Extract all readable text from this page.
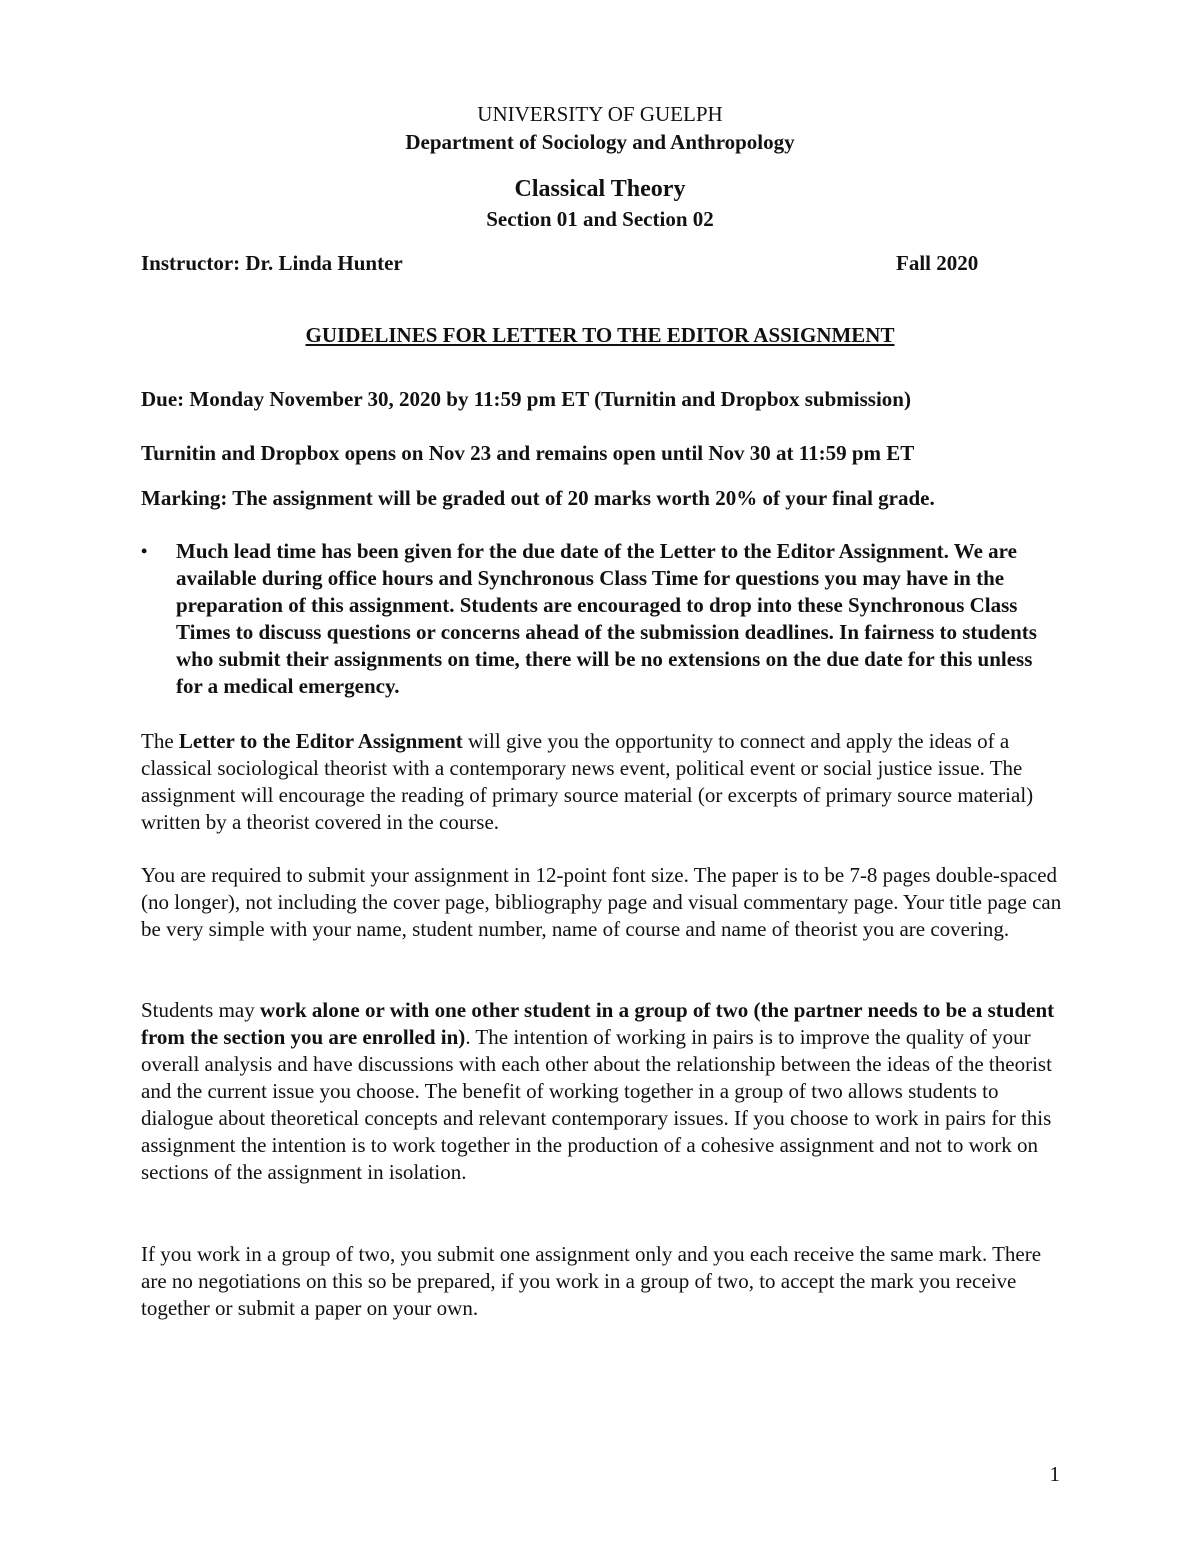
UNIVERSITY OF GUELPH
Department of Sociology and Anthropology
Classical Theory
Section 01 and Section 02
Instructor: Dr. Linda Hunter	Fall 2020
GUIDELINES FOR LETTER TO THE EDITOR ASSIGNMENT
Due: Monday November 30, 2020 by 11:59 pm ET (Turnitin and Dropbox submission)
Turnitin and Dropbox opens on Nov 23 and remains open until Nov 30 at 11:59 pm ET
Marking: The assignment will be graded out of 20 marks worth 20% of your final grade.
• Much lead time has been given for the due date of the Letter to the Editor Assignment. We are available during office hours and Synchronous Class Time for questions you may have in the preparation of this assignment. Students are encouraged to drop into these Synchronous Class Times to discuss questions or concerns ahead of the submission deadlines. In fairness to students who submit their assignments on time, there will be no extensions on the due date for this unless for a medical emergency.
The Letter to the Editor Assignment will give you the opportunity to connect and apply the ideas of a classical sociological theorist with a contemporary news event, political event or social justice issue. The assignment will encourage the reading of primary source material (or excerpts of primary source material) written by a theorist covered in the course.
You are required to submit your assignment in 12-point font size. The paper is to be 7-8 pages double-spaced (no longer), not including the cover page, bibliography page and visual commentary page. Your title page can be very simple with your name, student number, name of course and name of theorist you are covering.
Students may work alone or with one other student in a group of two (the partner needs to be a student from the section you are enrolled in). The intention of working in pairs is to improve the quality of your overall analysis and have discussions with each other about the relationship between the ideas of the theorist and the current issue you choose. The benefit of working together in a group of two allows students to dialogue about theoretical concepts and relevant contemporary issues. If you choose to work in pairs for this assignment the intention is to work together in the production of a cohesive assignment and not to work on sections of the assignment in isolation.
If you work in a group of two, you submit one assignment only and you each receive the same mark. There are no negotiations on this so be prepared, if you work in a group of two, to accept the mark you receive together or submit a paper on your own.
1
